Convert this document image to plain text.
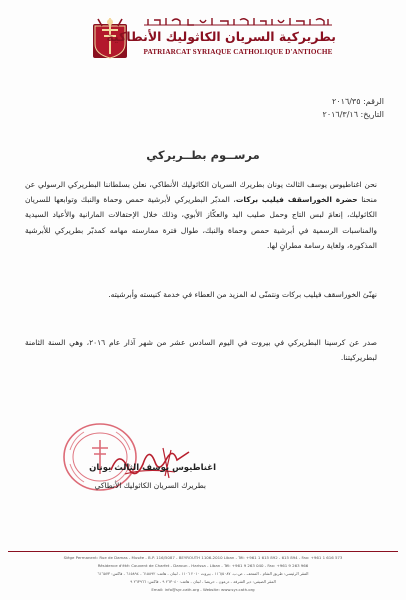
بطريركية السريان الكاثوليك الأنطاكية
PATRIARCAT SYRIAQUE CATHOLIQUE D'ANTIOCHE
الرقم: ٢٠١٦/٣٥
التاريخ: ٢٠١٦/٣/١٦
مرســوم بطــريركي
نحن اغناطيوس يوسف الثالث يونان بطريرك السريان الكاثوليك الأنطاكي، نعلن بسلطاننا البطريركي الرسولي عن منحنا حضرة الخوراسقف فيليب بركات، المدبّر البطريركي لأبرشية حمص وحماة والنبك وتوابعها للسريان الكاثوليك، إنعامَ لبس التاج وحمل صليب اليد والعكّاز الأبوي، وذلك خلال الإحتفالات المارانية والأعياد السيدية والمناسبات الرسمية في أبرشية حمص وحماة والنبك، طوال فترة ممارسته مهامه كمدبّر بطريركي للأبرشية المذكورة، ولغاية رسامة مطرانٍ لها.
نهنّئ الخوراسقف فيليب بركات ونتمنّى له المزيد من العطاء في خدمة كنيسته وأبرشيته.
صدر عن كرسينا البطريركي في بيروت في اليوم السادس عشر من شهر آذار عام ٢٠١٦، وهي السنة الثامنة لبطريركيتنا.
اغناطيوس يوسف الثالث يونان
بطريرك السريان الكاثوليك الأنطاكي
Siège Permanent: Rue de Damas - Musée - B.P. 116/5087 - BEYROUTH 1106-2010 Liban - Tél: +961 1 615 892 - 615 894 - Fax: +961 1 616 573
Résidence d'été: Couvent de Charfet - Daroun - Harissa - Liban - Tél: +961 9 263 040 - Fax: +961 9 263 966
المقر الرئيسي: طريق الشام - المتحف - ص.ب. ١١٦/٥٠٨٧ - بيروت ٢٠١٠ ١١٠٦ - لبنان - هاتف: ٦١٥٨٩٢ - ٦١٥٨٩٤ - فاكس: ٦١٦٥٧٣
المقر الصيفي: دير الشرفة - درعون - حريصا - لبنان - هاتف: ٢٦٣٠٤٠ ٩ - فاكس: ٢٦٣٩٦٦ ٩
Email: info@syr-cath.org - Website: www.syr-cath.org
